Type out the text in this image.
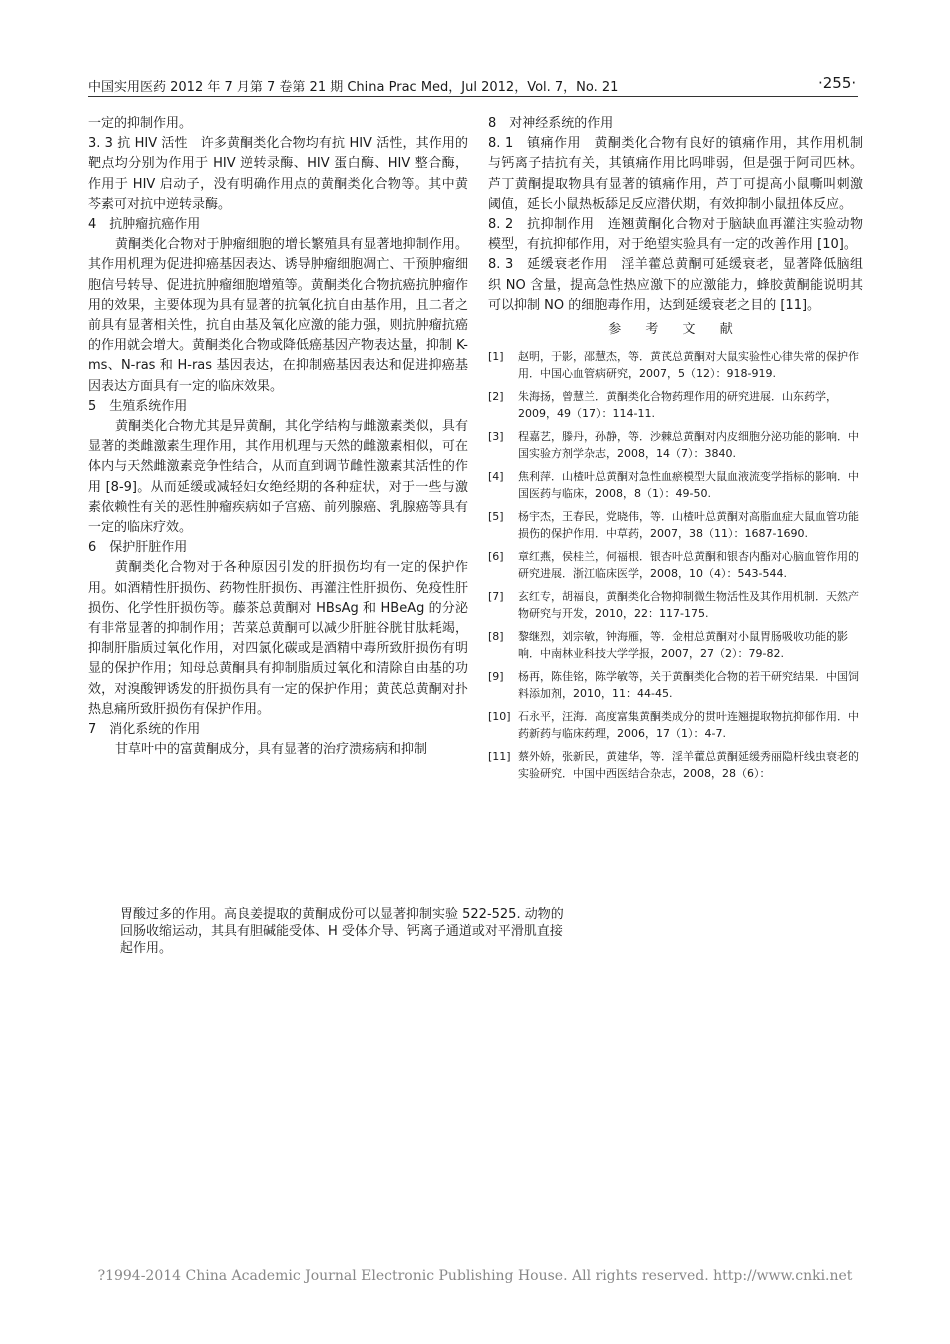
中国实用医药 2012 年 7 月第 7 卷第 21 期 China Prac Med，Jul 2012，Vol. 7，No. 21	·255·

一定的抑制作用。

3. 3 抗 HIV 活性　许多黄酮类化合物均有抗 HIV 活性，其作用的靶点均分别为作用于 HIV 逆转录酶、HIV 蛋白酶、HIV 整合酶，作用于 HIV 启动子，没有明确作用点的黄酮类化合物等。其中黄芩素可对抗中逆转录酶。

4　抗肿瘤抗癌作用

黄酮类化合物对于肿瘤细胞的增长繁殖具有显著地抑制作用。其作用机理为促进抑癌基因表达、诱导肿瘤细胞凋亡、干预肿瘤细胞信号转导、促进抗肿瘤细胞增殖等。黄酮类化合物抗癌抗肿瘤作用的效果，主要体现为具有显著的抗氧化抗自由基作用，且二者之前具有显著相关性，抗自由基及氧化应激的能力强，则抗肿瘤抗癌的作用就会增大。黄酮类化合物或降低癌基因产物表达量，抑制 K-ms、N-ras 和 H-ras 基因表达，在抑制癌基因表达和促进抑癌基因表达方面具有一定的临床效果。

5　生殖系统作用

黄酮类化合物尤其是异黄酮，其化学结构与雌激素类似，具有显著的类雌激素生理作用，其作用机理与天然的雌激素相似，可在体内与天然雌激素竞争性结合，从而直到调节雌性激素其活性的作用 [8-9]。从而延缓或减轻妇女绝经期的各种症状，对于一些与激素依赖性有关的恶性肿瘤疾病如子宫癌、前列腺癌、乳腺癌等具有一定的临床疗效。

6　保护肝脏作用

黄酮类化合物对于各种原因引发的肝损伤均有一定的保护作用。如酒精性肝损伤、药物性肝损伤、再灌注性肝损伤、免疫性肝损伤、化学性肝损伤等。藤茶总黄酮对 HBsAg 和 HBeAg 的分泌有非常显著的抑制作用；苦菜总黄酮可以减少肝脏谷胱甘肽耗竭，抑制肝脂质过氧化作用，对四氯化碳或是酒精中毒所致肝损伤有明显的保护作用；知母总黄酮具有抑制脂质过氧化和清除自由基的功效，对溴酸钾诱发的肝损伤具有一定的保护作用；黄芪总黄酮对扑热息痛所致肝损伤有保护作用。

7　消化系统的作用

甘草叶中的富黄酮成分，具有显著的治疗溃疡病和抑制

8　对神经系统的作用

8. 1　镇痛作用　黄酮类化合物有良好的镇痛作用，其作用机制与钙离子拮抗有关，其镇痛作用比吗啡弱，但是强于阿司匹林。芦丁黄酮提取物具有显著的镇痛作用，芦丁可提高小鼠嘶叫刺激阈值，延长小鼠热板舔足反应潜伏期，有效抑制小鼠扭体反应。

8. 2　抗抑制作用　连翘黄酮化合物对于脑缺血再灌注实验动物模型，有抗抑郁作用，对于绝望实验具有一定的改善作用 [10]。

8. 3　延缓衰老作用　淫羊藿总黄酮可延缓衰老，显著降低脑组织 NO 含量，提高急性热应激下的应激能力，蜂胶黄酮能说明其可以抑制 NO 的细胞毒作用，达到延缓衰老之目的 [11]。

参 考 文 献
[1]	赵明，于影，邵慧杰，等．黄芪总黄酮对大鼠实验性心律失常的保护作用．中国心血管病研究，2007，5（12）：918-919.
[2]	朱海扬，曾慧兰．黄酮类化合物药理作用的研究进展．山东药学，2009，49（17）：114-11.
[3]	程嘉艺，滕丹，孙静，等．沙棘总黄酮对内皮细胞分泌功能的影响．中国实验方剂学杂志，2008，14（7）：3840.
[4]	焦利萍．山楂叶总黄酮对急性血瘀模型大鼠血液流变学指标的影响．中国医药与临床，2008，8（1）：49-50.
[5]	杨宇杰，王春民，党晓伟，等．山楂叶总黄酮对高脂血症大鼠血管功能损伤的保护作用．中草药，2007，38（11）：1687-1690.
[6]	章红燕，侯桂兰，何福根．银杏叶总黄酮和银杏内酯对心脑血管作用的研究进展．浙江临床医学，2008，10（4）：543-544.
[7]	玄红专，胡福良，黄酮类化合物抑制微生物活性及其作用机制．天然产物研究与开发，2010，22：117-175.
[8]	黎继烈，刘宗敏，钟海雁，等．金柑总黄酮对小鼠胃肠吸收功能的影响．中南林业科技大学学报，2007，27（2）：79-82.
[9]	杨再，陈佳铭，陈学敏等，关于黄酮类化合物的若干研究结果．中国饲料添加剂，2010，11：44-45.
[10] 石永平，汪海．高度富集黄酮类成分的贯叶连翘提取物抗抑郁作用．中药新药与临床药理，2006，17（1）：4-7.
[11] 蔡外娇，张新民，黄建华，等．淫羊藿总黄酮延缓秀丽隐杆线虫衰老的实验研究．中国中西医结合杂志，2008，28（6）：
胃酸过多的作用。高良姜提取的黄酮成份可以显著抑制实验 522-525. 动物的回肠收缩运动，其具有胆碱能受体、H 受体介导、钙离子通道或对平滑肌直接起作用。
?1994-2014 China Academic Journal Electronic Publishing House. All rights reserved. http://www.cnki.net
